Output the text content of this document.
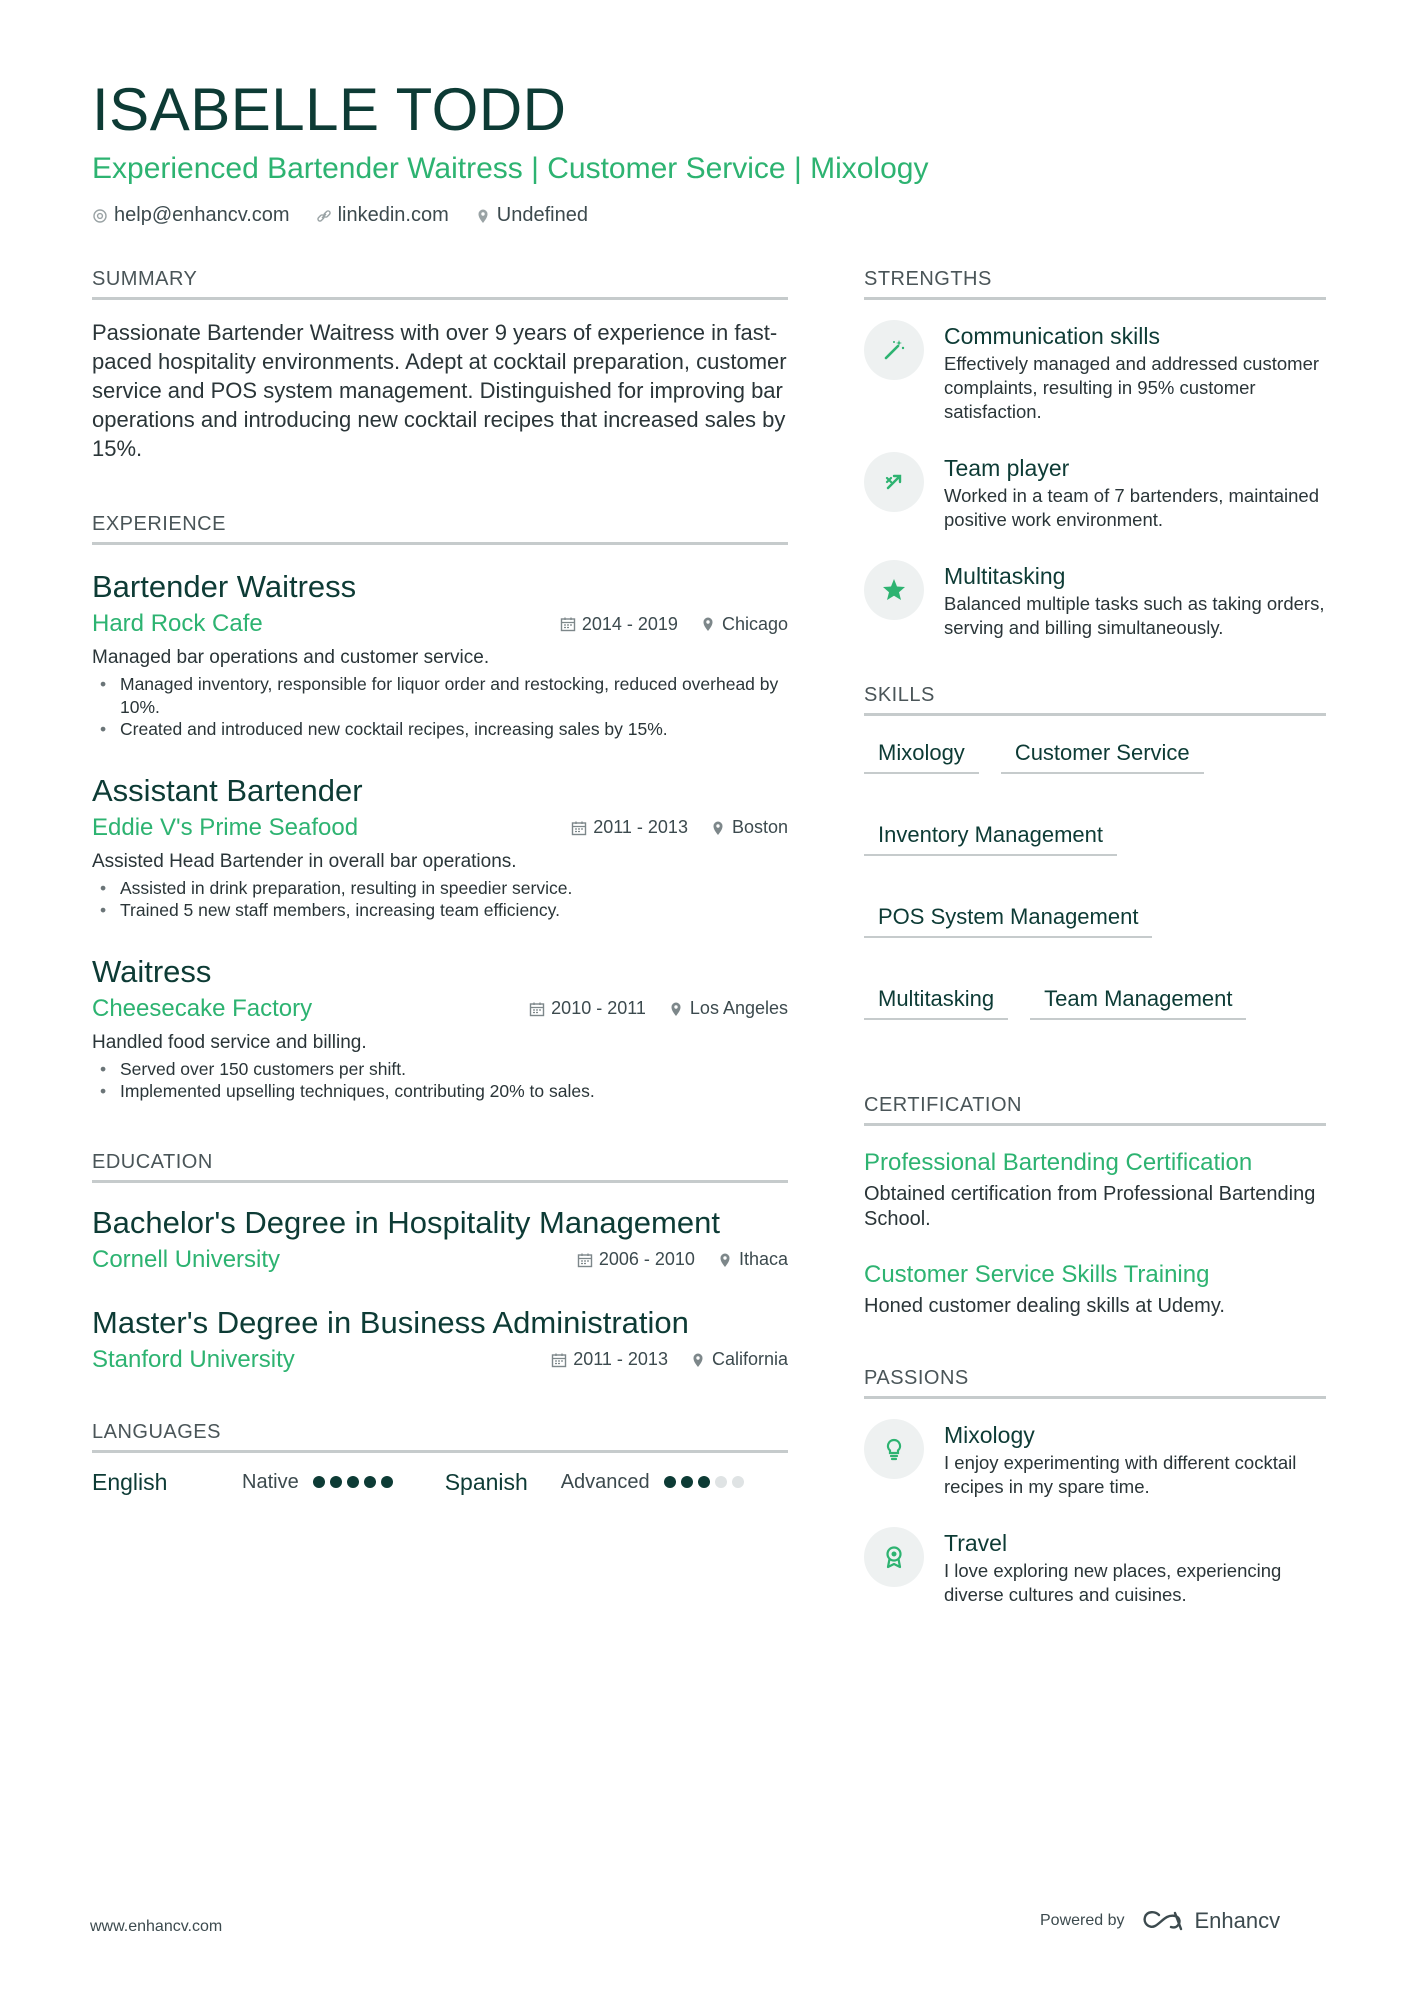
ISABELLE TODD
Experienced Bartender Waitress | Customer Service | Mixology
help@enhancv.com linkedin.com Undefined
SUMMARY

Passionate Bartender Waitress with over 9 years of experience in fast-paced hospitality environments. Adept at cocktail preparation, customer service and POS system management. Distinguished for improving bar operations and introducing new cocktail recipes that increased sales by 15%.

EXPERIENCE
Bartender Waitress
Hard Rock Cafe	2014 - 2019 Chicago
Managed bar operations and customer service.
• Managed inventory, responsible for liquor order and restocking, reduced overhead by 10%.
• Created and introduced new cocktail recipes, increasing sales by 15%.
Assistant Bartender
Eddie V's Prime Seafood	2011 - 2013 Boston
Assisted Head Bartender in overall bar operations.
• Assisted in drink preparation, resulting in speedier service.
• Trained 5 new staff members, increasing team efficiency.
Waitress
Cheesecake Factory	2010 - 2011 Los Angeles
Handled food service and billing.
• Served over 150 customers per shift.
• Implemented upselling techniques, contributing 20% to sales.
EDUCATION
Bachelor's Degree in Hospitality Management
Cornell University	2006 - 2010 Ithaca
Master's Degree in Business Administration
Stanford University	2011 - 2013 California
LANGUAGES
English	Native	Spanish	Advanced
STRENGTHS
Communication skills
Effectively managed and addressed customer complaints, resulting in 95% customer satisfaction.
Team player
Worked in a team of 7 bartenders, maintained positive work environment.
Multitasking
Balanced multiple tasks such as taking orders, serving and billing simultaneously.
SKILLS
Mixology	Customer Service
Inventory Management
POS System Management
Multitasking	Team Management
CERTIFICATION
Professional Bartending Certification
Obtained certification from Professional Bartending School.
Customer Service Skills Training
Honed customer dealing skills at Udemy.
PASSIONS
Mixology
I enjoy experimenting with different cocktail recipes in my spare time.
Travel
I love exploring new places, experiencing diverse cultures and cuisines.
www.enhancv.com	Powered by	Enhancv
